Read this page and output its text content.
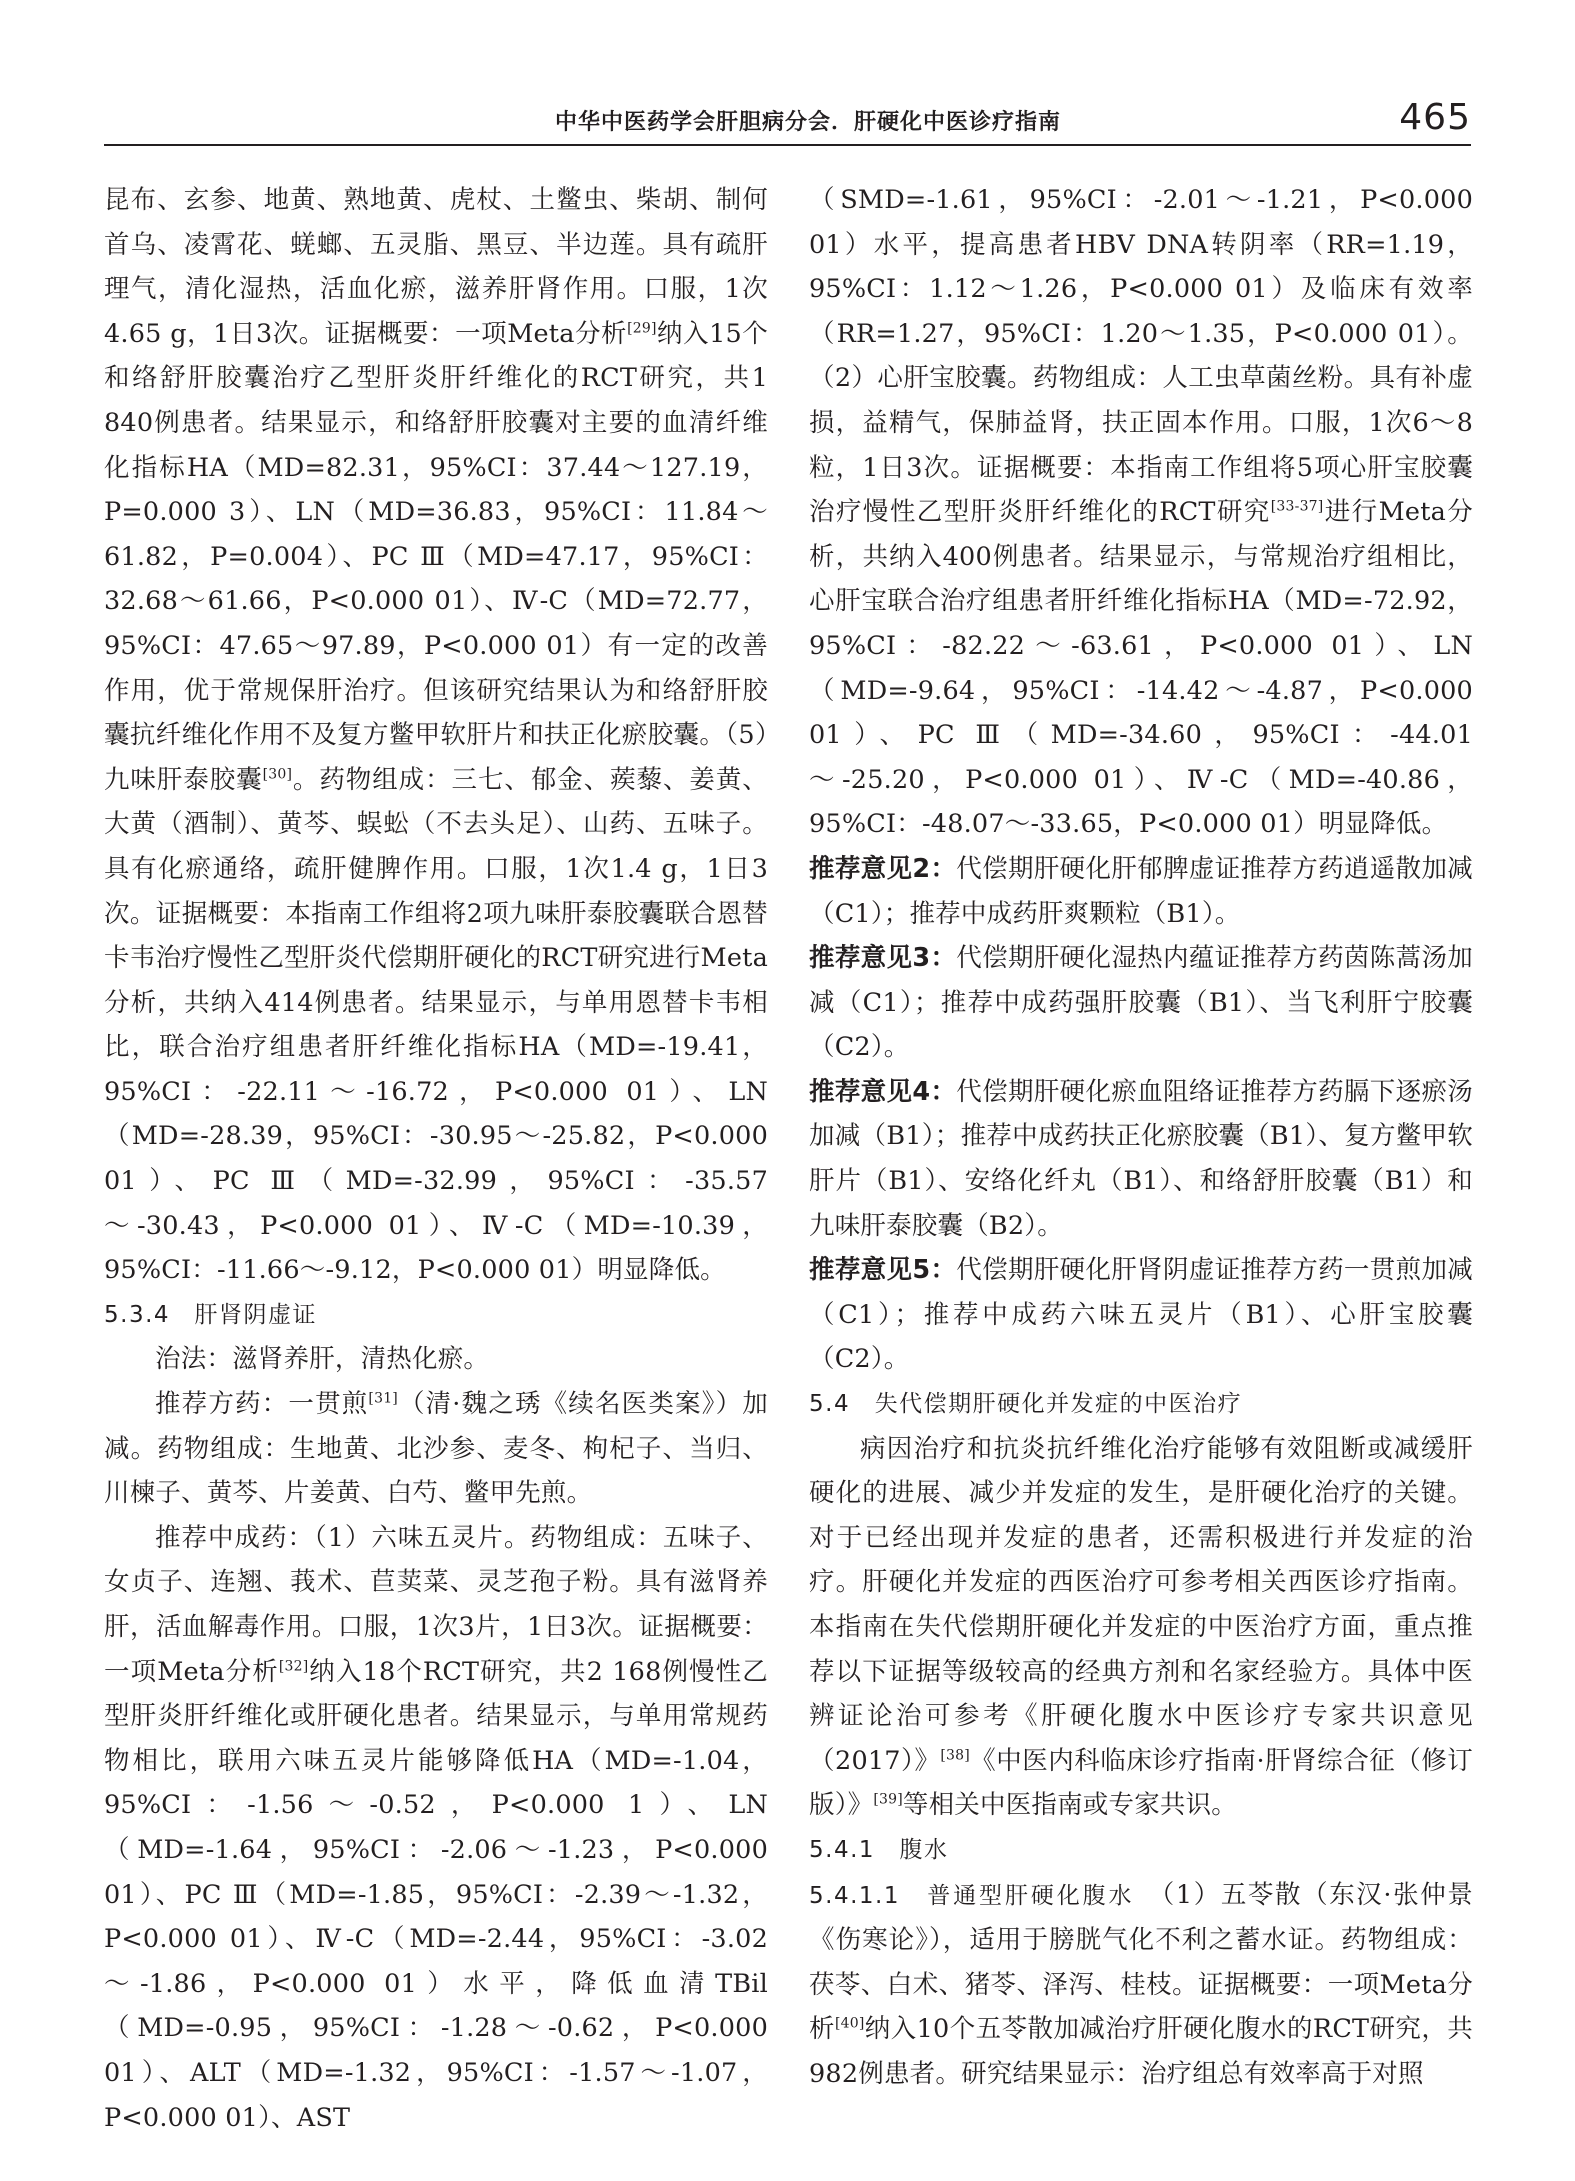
中华中医药学会肝胆病分会．肝硬化中医诊疗指南	465

昆布、玄参、地黄、熟地黄、虎杖、土鳖虫、柴胡、制何首乌、凌霄花、蜣螂、五灵脂、黑豆、半边莲。具有疏肝理气，清化湿热，活血化瘀，滋养肝肾作用。口服，1次4.65 g，1日3次。证据概要：一项Meta分析[29]纳入15个和络舒肝胶囊治疗乙型肝炎肝纤维化的RCT研究，共1 840例患者。结果显示，和络舒肝胶囊对主要的血清纤维化指标HA（MD=82.31，95%CI：37.44～127.19，P=0.000 3）、LN（MD=36.83，95%CI：11.84～61.82，P=0.004）、PC Ⅲ（MD=47.17，95%CI：32.68～61.66，P<0.000 01）、Ⅳ-C（MD=72.77，95%CI：47.65～97.89，P<0.000 01）有一定的改善作用，优于常规保肝治疗。但该研究结果认为和络舒肝胶囊抗纤维化作用不及复方鳖甲软肝片和扶正化瘀胶囊。（5）九味肝泰胶囊[30]。药物组成：三七、郁金、蒺藜、姜黄、大黄（酒制）、黄芩、蜈蚣（不去头足）、山药、五味子。具有化瘀通络，疏肝健脾作用。口服，1次1.4 g，1日3次。证据概要：本指南工作组将2项九味肝泰胶囊联合恩替卡韦治疗慢性乙型肝炎代偿期肝硬化的RCT研究进行Meta分析，共纳入414例患者。结果显示，与单用恩替卡韦相比，联合治疗组患者肝纤维化指标HA（MD=-19.41，95%CI：-22.11～-16.72，P<0.000 01）、LN（MD=-28.39，95%CI：-30.95～-25.82，P<0.000 01）、PC Ⅲ（MD=-32.99，95%CI：-35.57～-30.43，P<0.000 01）、Ⅳ-C（MD=-10.39，95%CI：-11.66～-9.12，P<0.000 01）明显降低。

5.3.4　肝肾阴虚证

治法：滋肾养肝，清热化瘀。

推荐方药：一贯煎[31]（清·魏之琇《续名医类案》）加减。药物组成：生地黄、北沙参、麦冬、枸杞子、当归、川楝子、黄芩、片姜黄、白芍、鳖甲先煎。

推荐中成药：（1）六味五灵片。药物组成：五味子、女贞子、连翘、莪术、苣荬菜、灵芝孢子粉。具有滋肾养肝，活血解毒作用。口服，1次3片，1日3次。证据概要：一项Meta分析[32]纳入18个RCT研究，共2 168例慢性乙型肝炎肝纤维化或肝硬化患者。结果显示，与单用常规药物相比，联用六味五灵片能够降低HA（MD=-1.04，95%CI：-1.56～-0.52，P<0.000 1）、LN（MD=-1.64，95%CI：-2.06～-1.23，P<0.000 01）、PC Ⅲ（MD=-1.85，95%CI：-2.39～-1.32，P<0.000 01）、Ⅳ-C（MD=-2.44，95%CI：-3.02～-1.86，P<0.000 01）水平，降低血清TBil（MD=-0.95，95%CI：-1.28～-0.62，P<0.000 01）、ALT（MD=-1.32，95%CI：-1.57～-1.07，P<0.000 01）、AST

（SMD=-1.61，95%CI：-2.01～-1.21，P<0.000 01）水平，提高患者HBV DNA转阴率（RR=1.19，95%CI：1.12～1.26，P<0.000 01）及临床有效率（RR=1.27，95%CI：1.20～1.35，P<0.000 01）。（2）心肝宝胶囊。药物组成：人工虫草菌丝粉。具有补虚损，益精气，保肺益肾，扶正固本作用。口服，1次6～8粒，1日3次。证据概要：本指南工作组将5项心肝宝胶囊治疗慢性乙型肝炎肝纤维化的RCT研究[33-37]进行Meta分析，共纳入400例患者。结果显示，与常规治疗组相比，心肝宝联合治疗组患者肝纤维化指标HA（MD=-72.92，95%CI：-82.22～-63.61，P<0.000 01）、LN（MD=-9.64，95%CI：-14.42～-4.87，P<0.000 01）、PC Ⅲ（MD=-34.60，95%CI：-44.01～-25.20，P<0.000 01）、Ⅳ-C（MD=-40.86，95%CI：-48.07～-33.65，P<0.000 01）明显降低。

推荐意见2：代偿期肝硬化肝郁脾虚证推荐方药逍遥散加减（C1）；推荐中成药肝爽颗粒（B1）。

推荐意见3：代偿期肝硬化湿热内蕴证推荐方药茵陈蒿汤加减（C1）；推荐中成药强肝胶囊（B1）、当飞利肝宁胶囊（C2）。

推荐意见4：代偿期肝硬化瘀血阻络证推荐方药膈下逐瘀汤加减（B1）；推荐中成药扶正化瘀胶囊（B1）、复方鳖甲软肝片（B1）、安络化纤丸（B1）、和络舒肝胶囊（B1）和九味肝泰胶囊（B2）。

推荐意见5：代偿期肝硬化肝肾阴虚证推荐方药一贯煎加减（C1）；推荐中成药六味五灵片（B1）、心肝宝胶囊（C2）。

5.4　失代偿期肝硬化并发症的中医治疗

病因治疗和抗炎抗纤维化治疗能够有效阻断或减缓肝硬化的进展、减少并发症的发生，是肝硬化治疗的关键。对于已经出现并发症的患者，还需积极进行并发症的治疗。肝硬化并发症的西医治疗可参考相关西医诊疗指南。本指南在失代偿期肝硬化并发症的中医治疗方面，重点推荐以下证据等级较高的经典方剂和名家经验方。具体中医辨证论治可参考《肝硬化腹水中医诊疗专家共识意见（2017）》[38]《中医内科临床诊疗指南·肝肾综合征（修订版）》[39]等相关中医指南或专家共识。

5.4.1　腹水

5.4.1.1　普通型肝硬化腹水　（1）五苓散（东汉·张仲景《伤寒论》），适用于膀胱气化不利之蓄水证。药物组成：茯苓、白术、猪苓、泽泻、桂枝。证据概要：一项Meta分析[40]纳入10个五苓散加减治疗肝硬化腹水的RCT研究，共982例患者。研究结果显示：治疗组总有效率高于对照
